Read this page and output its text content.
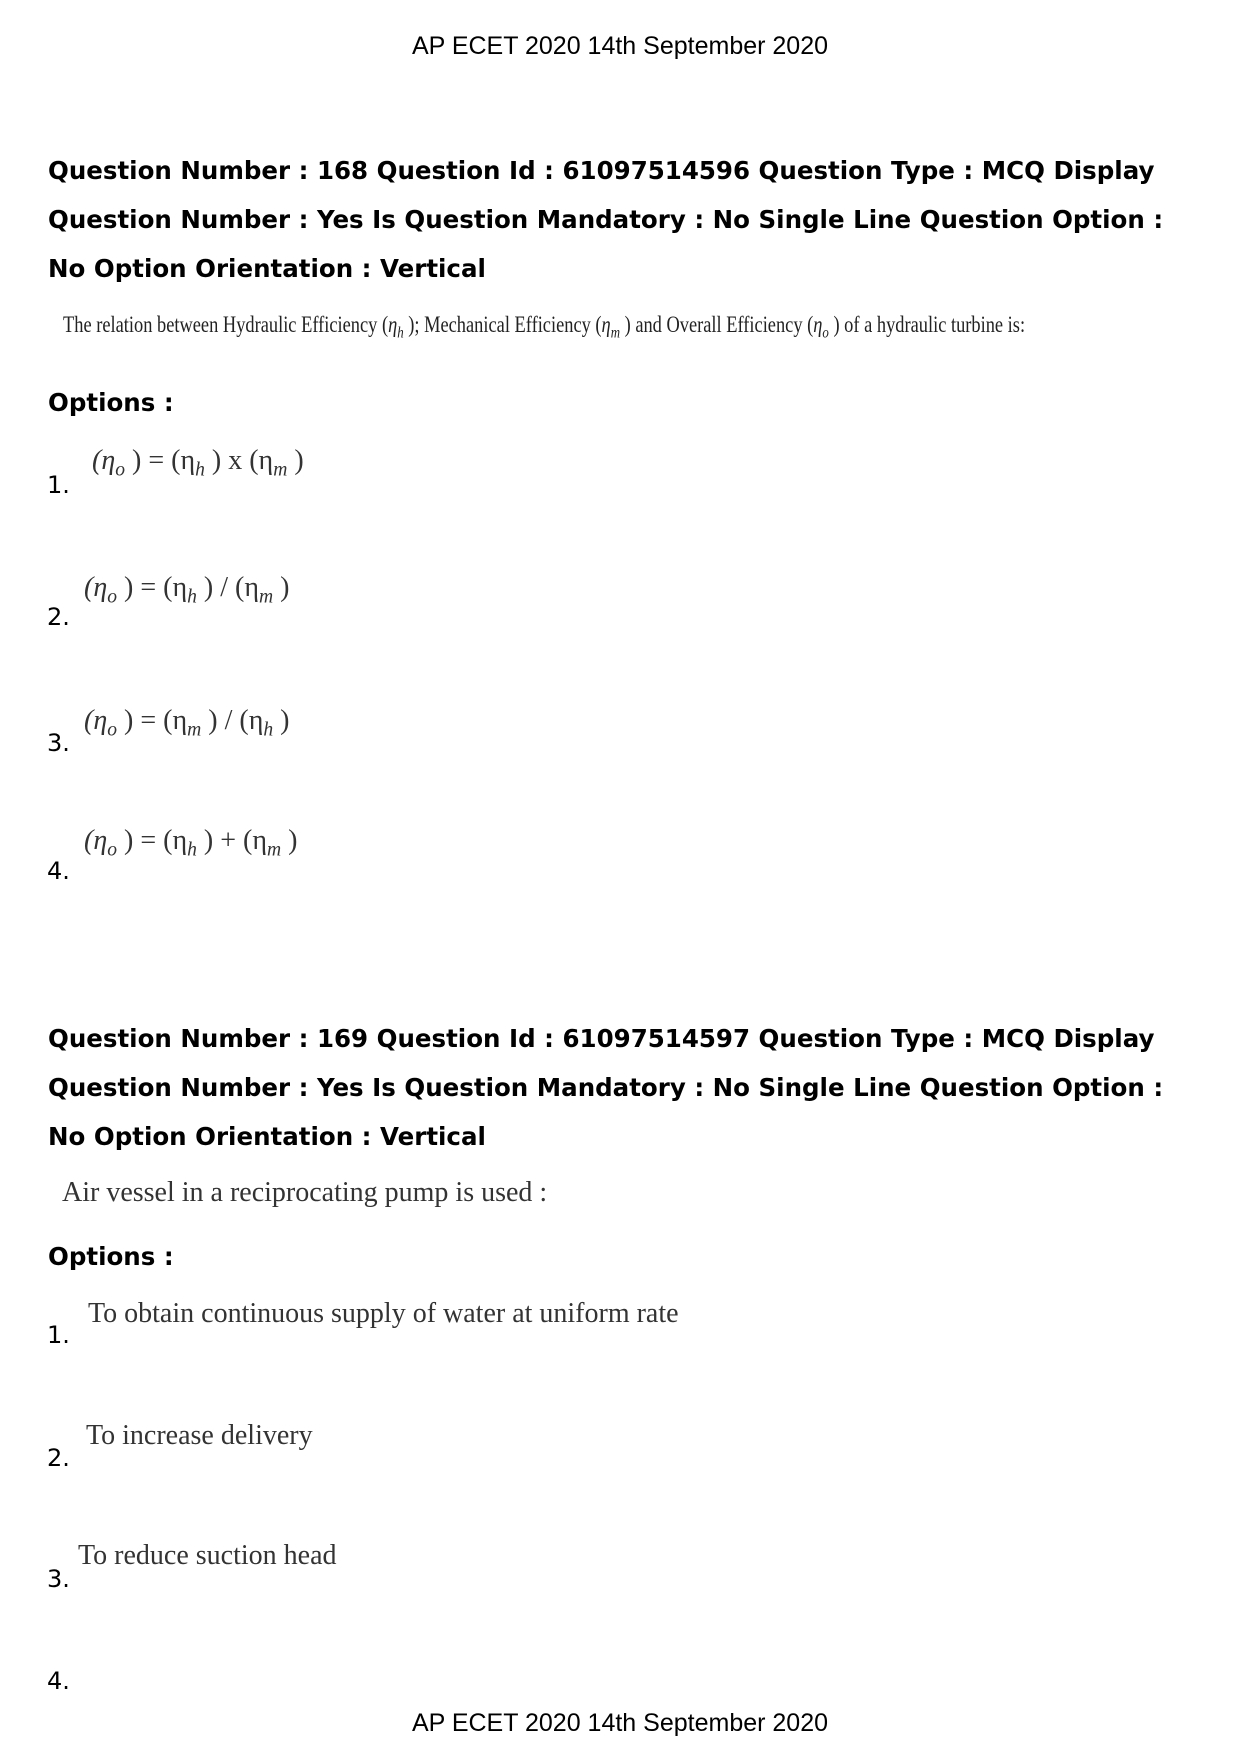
AP ECET 2020 14th September 2020
Question Number : 168 Question Id : 61097514596 Question Type : MCQ Display Question Number : Yes Is Question Mandatory : No Single Line Question Option : No Option Orientation : Vertical
The relation between Hydraulic Efficiency ($\eta_h$ ); Mechanical Efficiency ($\eta_m$ ) and Overall Efficiency ($\eta_o$ ) of a hydraulic turbine is:
Options :
1.
($\eta_o$ ) = ($\eta_h$ ) x ($\eta_m$ )
2.
($\eta_o$ ) = ($\eta_h$ ) / ($\eta_m$ )
3.
($\eta_o$ ) = ($\eta_m$ ) / ($\eta_h$ )
4.
($\eta_o$ ) = ($\eta_h$ ) + ($\eta_m$ )
Question Number : 169 Question Id : 61097514597 Question Type : MCQ Display Question Number : Yes Is Question Mandatory : No Single Line Question Option : No Option Orientation : Vertical
Air vessel in a reciprocating pump is used :
Options :
1.
To obtain continuous supply of water at uniform rate
2.
To increase delivery
3.
To reduce suction head
4.
AP ECET 2020 14th September 2020
